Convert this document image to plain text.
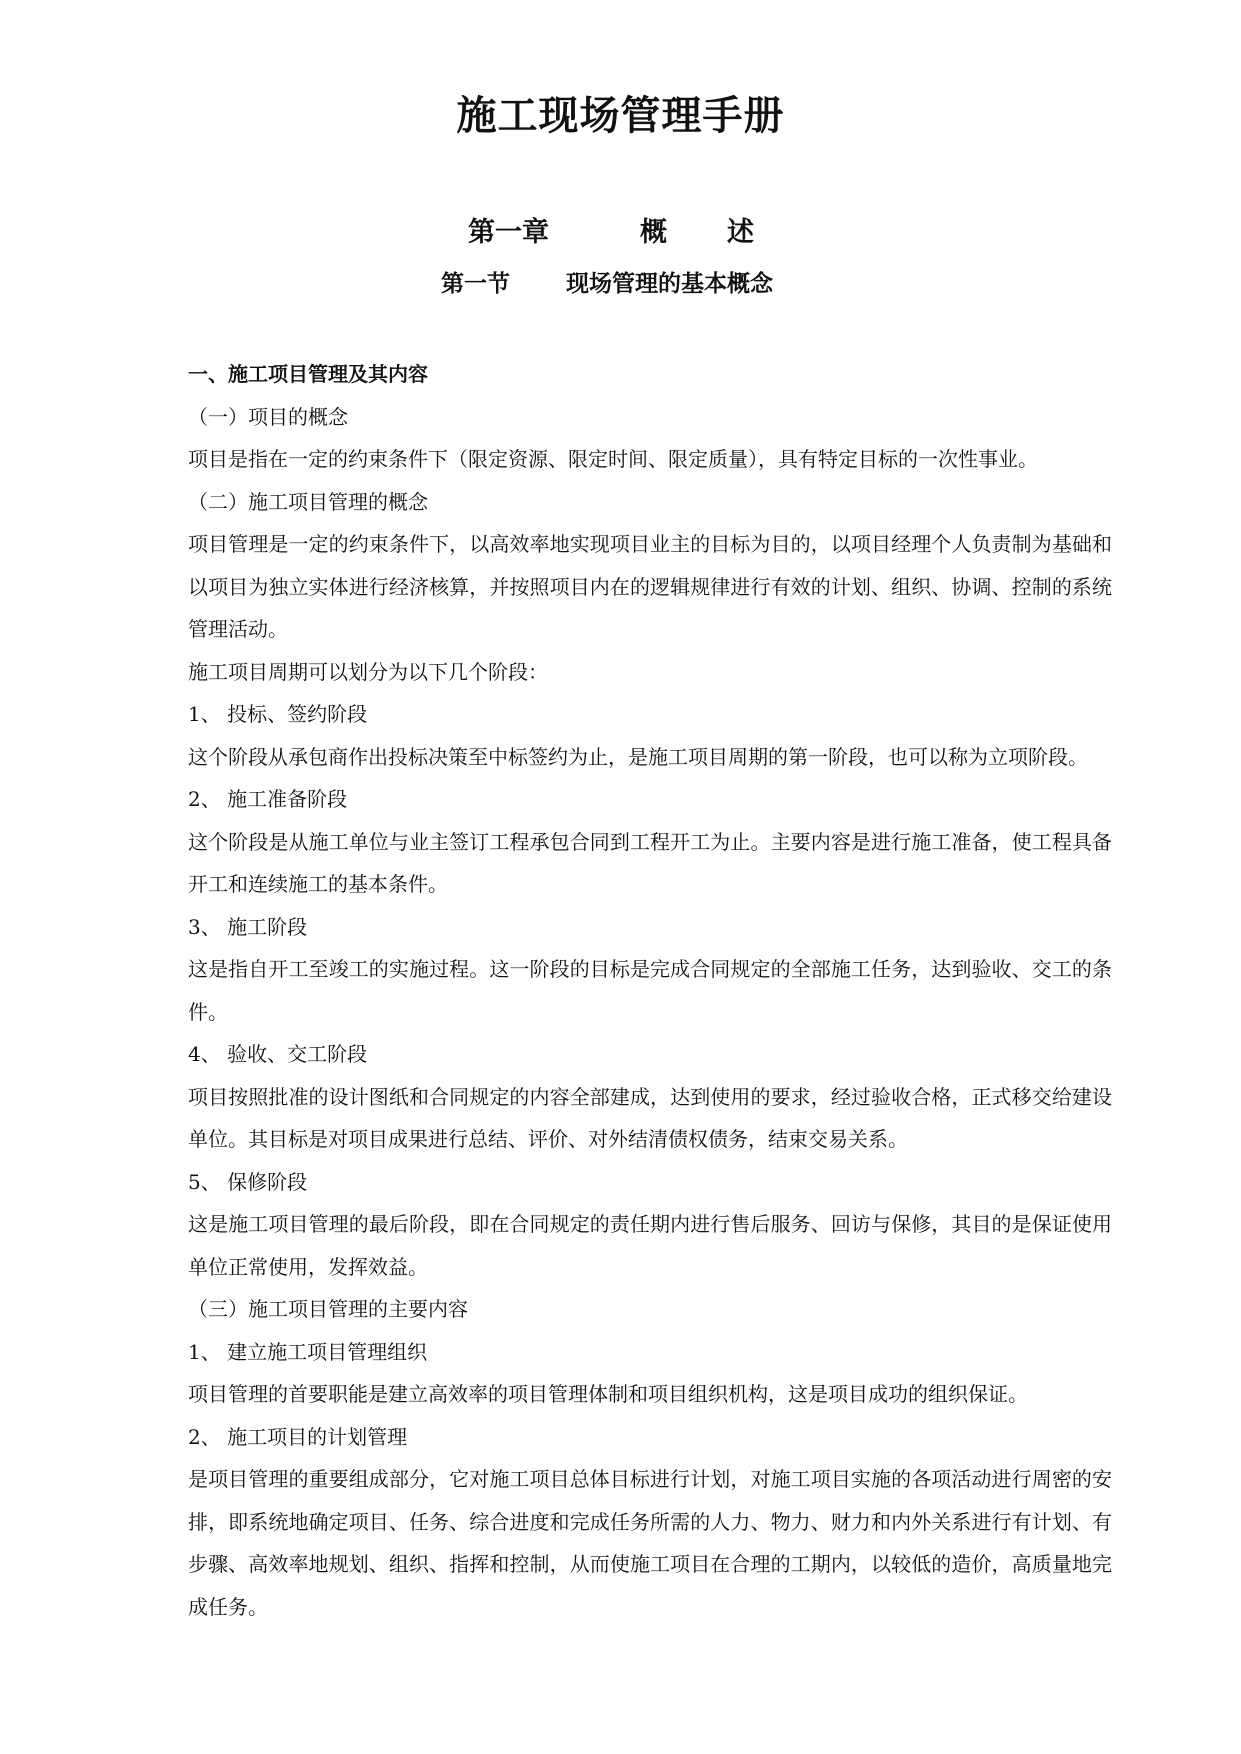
施工现场管理手册
第一章	概 述
第一节 现场管理的基本概念

一、施工项目管理及其内容

（一）项目的概念

项目是指在一定的约束条件下（限定资源、限定时间、限定质量），具有特定目标的一次性事业。

（二）施工项目管理的概念

项目管理是一定的约束条件下，以高效率地实现项目业主的目标为目的，以项目经理个人负责制为基础和以项目为独立实体进行经济核算，并按照项目内在的逻辑规律进行有效的计划、组织、协调、控制的系统管理活动。

施工项目周期可以划分为以下几个阶段：

1、 投标、签约阶段

这个阶段从承包商作出投标决策至中标签约为止，是施工项目周期的第一阶段，也可以称为立项阶段。

2、 施工准备阶段

这个阶段是从施工单位与业主签订工程承包合同到工程开工为止。主要内容是进行施工准备，使工程具备开工和连续施工的基本条件。

3、 施工阶段

这是指自开工至竣工的实施过程。这一阶段的目标是完成合同规定的全部施工任务，达到验收、交工的条件。

4、 验收、交工阶段

项目按照批准的设计图纸和合同规定的内容全部建成，达到使用的要求，经过验收合格，正式移交给建设单位。其目标是对项目成果进行总结、评价、对外结清债权债务，结束交易关系。

5、 保修阶段

这是施工项目管理的最后阶段，即在合同规定的责任期内进行售后服务、回访与保修，其目的是保证使用单位正常使用，发挥效益。

（三）施工项目管理的主要内容

1、 建立施工项目管理组织

项目管理的首要职能是建立高效率的项目管理体制和项目组织机构，这是项目成功的组织保证。

2、 施工项目的计划管理

是项目管理的重要组成部分，它对施工项目总体目标进行计划，对施工项目实施的各项活动进行周密的安排，即系统地确定项目、任务、综合进度和完成任务所需的人力、物力、财力和内外关系进行有计划、有步骤、高效率地规划、组织、指挥和控制，从而使施工项目在合理的工期内，以较低的造价，高质量地完成任务。
